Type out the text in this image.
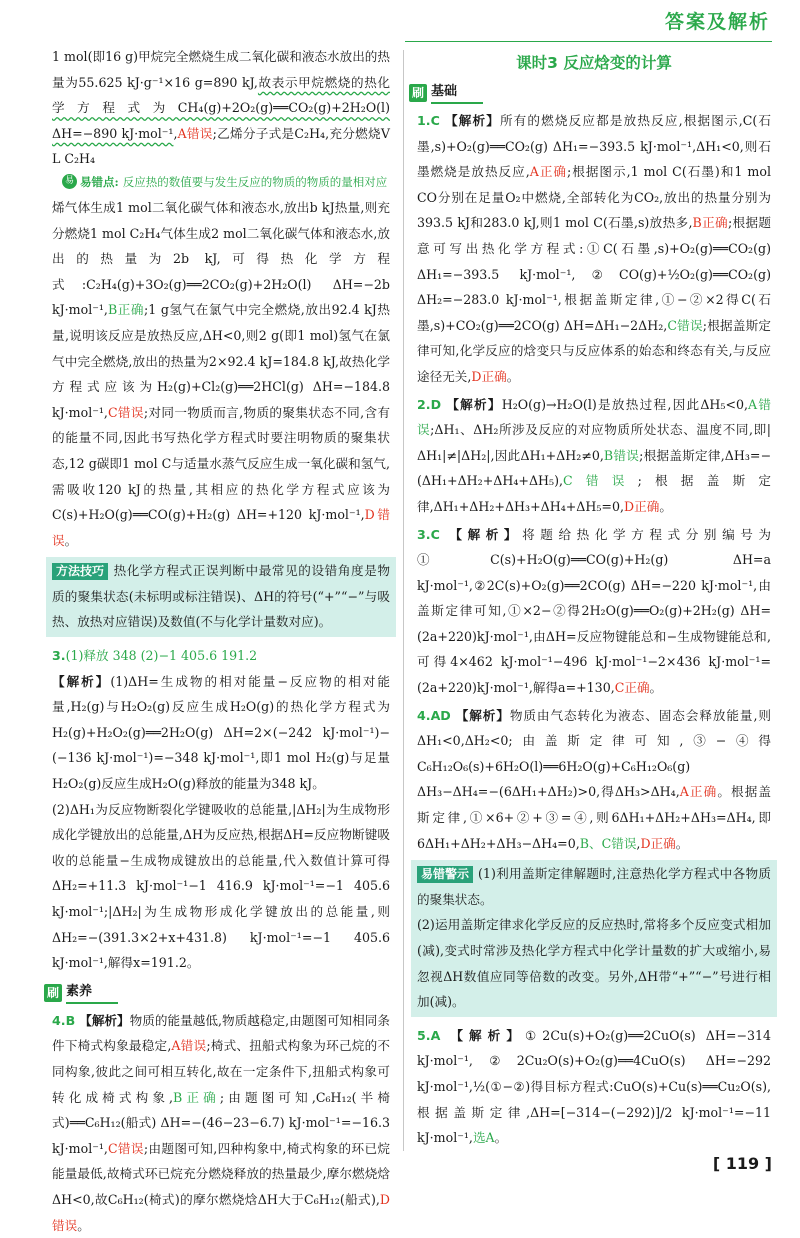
答案及解析

1 mol(即16 g)甲烷完全燃烧生成二氧化碳和液态水放出的热量为55.625 kJ·g⁻¹×16 g=890 kJ,故表示甲烷燃烧的热化学方程式为CH₄(g)+2O₂(g)══CO₂(g)+2H₂O(l) ΔH=−890 kJ·mol⁻¹,A错误;乙烯分子式是C₂H₄,充分燃烧V L C₂H₄

易 易错点: 反应热的数值要与发生反应的物质的物质的量相对应

烯气体生成1 mol二氧化碳气体和液态水,放出b kJ热量,则充分燃烧1 mol C₂H₄气体生成2 mol二氧化碳气体和液态水,放出的热量为2b kJ,可得热化学方程式:C₂H₄(g)+3O₂(g)══2CO₂(g)+2H₂O(l) ΔH=−2b kJ·mol⁻¹,B正确;1 g氢气在氯气中完全燃烧,放出92.4 kJ热量,说明该反应是放热反应,ΔH<0,则2 g(即1 mol)氢气在氯气中完全燃烧,放出的热量为2×92.4 kJ=184.8 kJ,故热化学方程式应该为H₂(g)+Cl₂(g)══2HCl(g) ΔH=−184.8 kJ·mol⁻¹,C错误;对同一物质而言,物质的聚集状态不同,含有的能量不同,因此书写热化学方程式时要注明物质的聚集状态,12 g碳即1 mol C与适量水蒸气反应生成一氧化碳和氢气,需吸收120 kJ的热量,其相应的热化学方程式应该为C(s)+H₂O(g)══CO(g)+H₂(g) ΔH=+120 kJ·mol⁻¹,D错误。

方法技巧 热化学方程式正误判断中最常见的设错角度是物质的聚集状态(未标明或标注错误)、ΔH的符号(“+”“−”与吸热、放热对应错误)及数值(不与化学计量数对应)。

3.(1)释放 348 (2)−1 405.6 191.2

【解析】(1)ΔH=生成物的相对能量−反应物的相对能量,H₂(g)与H₂O₂(g)反应生成H₂O(g)的热化学方程式为H₂(g)+H₂O₂(g)══2H₂O(g) ΔH=2×(−242 kJ·mol⁻¹)−(−136 kJ·mol⁻¹)=−348 kJ·mol⁻¹,即1 mol H₂(g)与足量H₂O₂(g)反应生成H₂O(g)释放的能量为348 kJ。

(2)ΔH₁为反应物断裂化学键吸收的总能量,|ΔH₂|为生成物形成化学键放出的总能量,ΔH为反应热,根据ΔH=反应物断键吸收的总能量−生成物成键放出的总能量,代入数值计算可得ΔH₂=+11.3 kJ·mol⁻¹−1 416.9 kJ·mol⁻¹=−1 405.6 kJ·mol⁻¹;|ΔH₂|为生成物形成化学键放出的总能量,则ΔH₂=−(391.3×2+x+431.8) kJ·mol⁻¹=−1 405.6 kJ·mol⁻¹,解得x=191.2。

刷 素养

4.B 【解析】物质的能量越低,物质越稳定,由题图可知相同条件下椅式构象最稳定,A错误;椅式、扭船式构象为环己烷的不同构象,彼此之间可相互转化,故在一定条件下,扭船式构象可转化成椅式构象,B正确;由题图可知,C₆H₁₂(半椅式)══C₆H₁₂(船式) ΔH=−(46−23−6.7) kJ·mol⁻¹=−16.3 kJ·mol⁻¹,C错误;由题图可知,四种构象中,椅式构象的环已烷能量最低,故椅式环已烷充分燃烧释放的热量最少,摩尔燃烧焓ΔH<0,故C₆H₁₂(椅式)的摩尔燃烧焓ΔH大于C₆H₁₂(船式),D错误。

课时3 反应焓变的计算
刷 基础

1.C 【解析】所有的燃烧反应都是放热反应,根据图示,C(石墨,s)+O₂(g)══CO₂(g) ΔH₁=−393.5 kJ·mol⁻¹,ΔH₁<0,则石墨燃烧是放热反应,A正确;根据图示,1 mol C(石墨)和1 mol CO分别在足量O₂中燃烧,全部转化为CO₂,放出的热量分别为393.5 kJ和283.0 kJ,则1 mol C(石墨,s)放热多,B正确;根据题意可写出热化学方程式:①C(石墨,s)+O₂(g)══CO₂(g) ΔH₁=−393.5 kJ·mol⁻¹,②CO(g)+½O₂(g)══CO₂(g) ΔH₂=−283.0 kJ·mol⁻¹,根据盖斯定律,①−②×2得C(石墨,s)+CO₂(g)══2CO(g) ΔH=ΔH₁−2ΔH₂,C错误;根据盖斯定律可知,化学反应的焓变只与反应体系的始态和终态有关,与反应途径无关,D正确。

2.D 【解析】H₂O(g)→H₂O(l)是放热过程,因此ΔH₅<0,A错误;ΔH₁、ΔH₂所涉及反应的对应物质所处状态、温度不同,即|ΔH₁|≠|ΔH₂|,因此ΔH₁+ΔH₂≠0,B错误;根据盖斯定律,ΔH₃=−(ΔH₁+ΔH₂+ΔH₄+ΔH₅),C错误;根据盖斯定律,ΔH₁+ΔH₂+ΔH₃+ΔH₄+ΔH₅=0,D正确。

3.C 【解析】将题给热化学方程式分别编号为①C(s)+H₂O(g)══CO(g)+H₂(g) ΔH=a kJ·mol⁻¹,②2C(s)+O₂(g)══2CO(g) ΔH=−220 kJ·mol⁻¹,由盖斯定律可知,①×2−②得2H₂O(g)══O₂(g)+2H₂(g) ΔH=(2a+220)kJ·mol⁻¹,由ΔH=反应物键能总和−生成物键能总和,可得4×462 kJ·mol⁻¹−496 kJ·mol⁻¹−2×436 kJ·mol⁻¹=(2a+220)kJ·mol⁻¹,解得a=+130,C正确。

4.AD 【解析】物质由气态转化为液态、固态会释放能量,则ΔH₁<0,ΔH₂<0;由盖斯定律可知,③−④得C₆H₁₂O₆(s)+6H₂O(l)══6H₂O(g)+C₆H₁₂O₆(g) ΔH₃−ΔH₄=−(6ΔH₁+ΔH₂)>0,得ΔH₃>ΔH₄,A正确。根据盖斯定律,①×6+②+③=④,则6ΔH₁+ΔH₂+ΔH₃=ΔH₄,即6ΔH₁+ΔH₂+ΔH₃−ΔH₄=0,B、C错误,D正确。

易错警示 (1)利用盖斯定律解题时,注意热化学方程式中各物质的聚集状态。
(2)运用盖斯定律求化学反应的反应热时,常将多个反应变式相加(减),变式时常涉及热化学方程式中化学计量数的扩大或缩小,易忽视ΔH数值应同等倍数的改变。另外,ΔH带“+”“−”号进行相加(减)。

5.A 【解析】①2Cu(s)+O₂(g)══2CuO(s) ΔH=−314 kJ·mol⁻¹,②2Cu₂O(s)+O₂(g)══4CuO(s) ΔH=−292 kJ·mol⁻¹,½(①−②)得目标方程式:CuO(s)+Cu(s)══Cu₂O(s),根据盖斯定律,ΔH=[−314−(−292)]/2 kJ·mol⁻¹=−11 kJ·mol⁻¹,选A。

[ 119 ]
